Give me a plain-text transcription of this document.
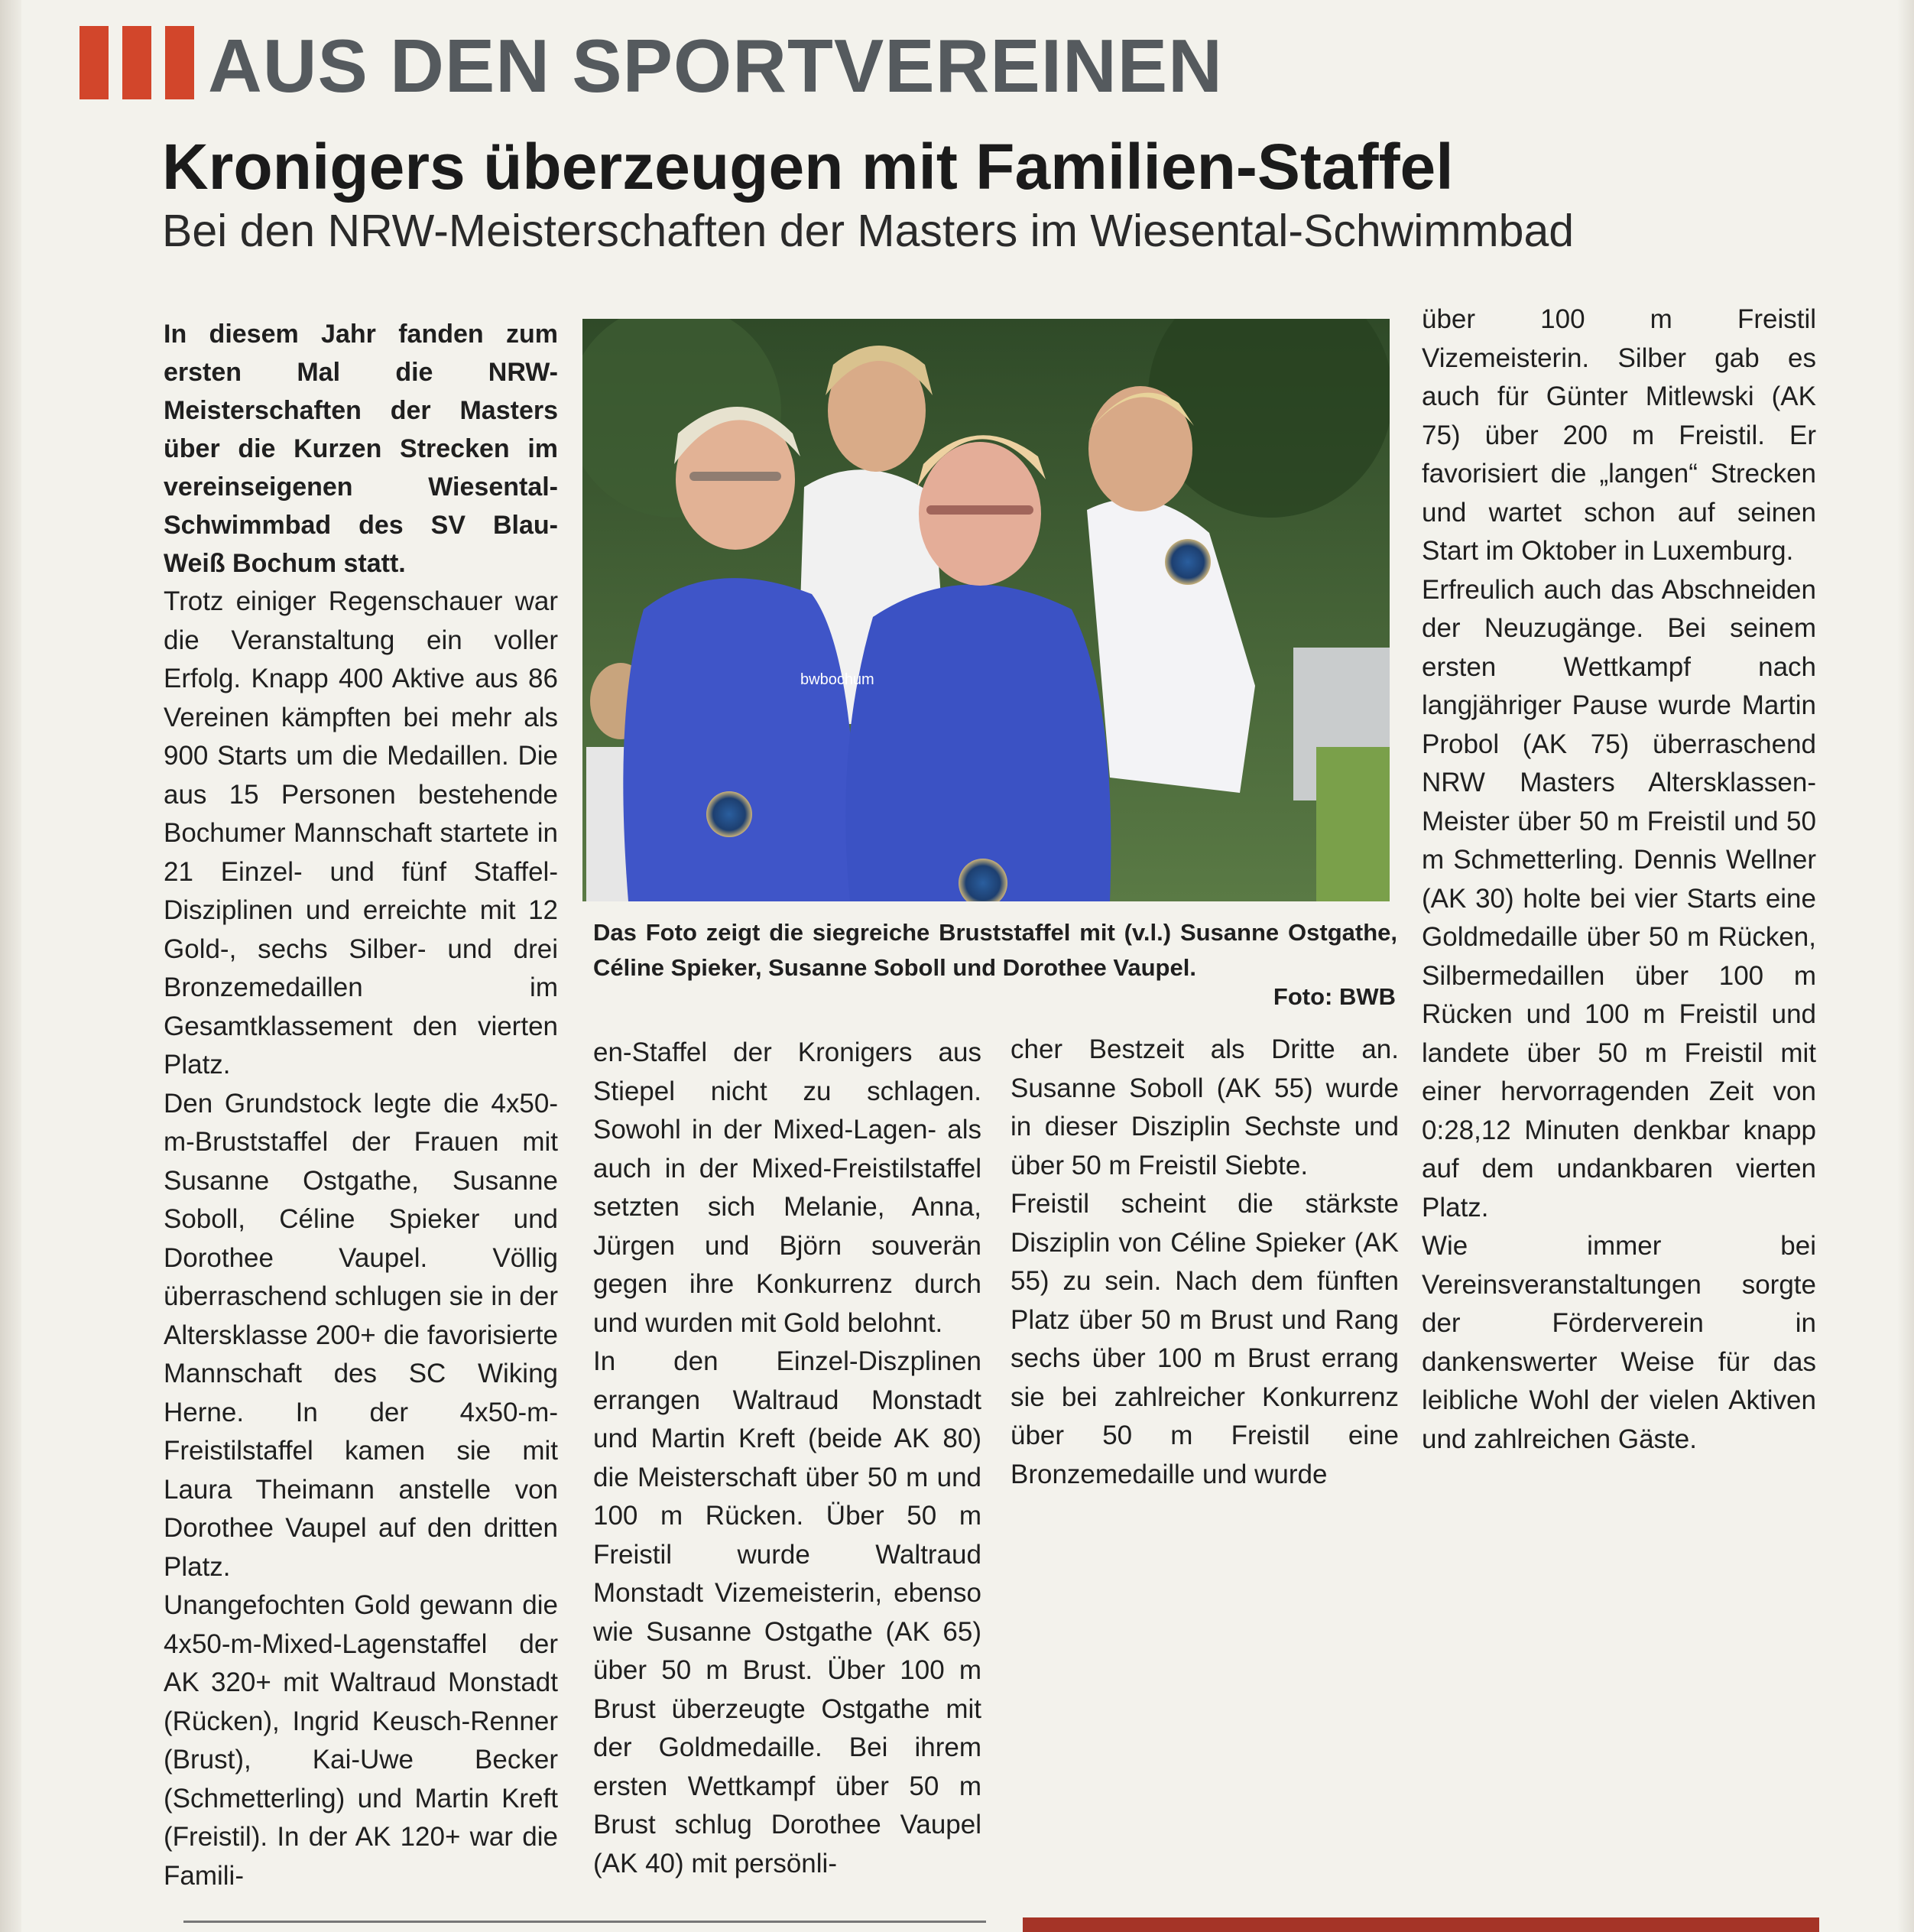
AUS DEN SPORTVEREINEN
Kronigers überzeugen mit Familien-Staffel
Bei den NRW-Meisterschaften der Masters im Wiesental-Schwimmbad

In diesem Jahr fanden zum ersten Mal die NRW-Meisterschaften der Masters über die Kurzen Strecken im vereinseigenen Wiesental-Schwimmbad des SV Blau-Weiß Bochum statt.

Trotz einiger Regenschauer war die Veranstaltung ein voller Erfolg. Knapp 400 Aktive aus 86 Vereinen kämpften bei mehr als 900 Starts um die Medaillen. Die aus 15 Personen bestehende Bochumer Mannschaft startete in 21 Einzel- und fünf Staffel-Disziplinen und erreichte mit 12 Gold-, sechs Silber- und drei Bronzemedaillen im Gesamtklassement den vierten Platz.

Den Grundstock legte die 4x50-m-Bruststaffel der Frauen mit Susanne Ostgathe, Susanne Soboll, Céline Spieker und Dorothee Vaupel. Völlig überraschend schlugen sie in der Altersklasse 200+ die favorisierte Mannschaft des SC Wiking Herne. In der 4x50-m-Freistilstaffel kamen sie mit Laura Theimann anstelle von Dorothee Vaupel auf den dritten Platz.

Unangefochten Gold gewann die 4x50-m-Mixed-Lagenstaffel der AK 320+ mit Waltraud Monstadt (Rücken), Ingrid Keusch-Renner (Brust), Kai-Uwe Becker (Schmetterling) und Martin Kreft (Freistil). In der AK 120+ war die Famili-

bwbochum
Das Foto zeigt die siegreiche Bruststaffel mit (v.l.) Susanne Ostgathe, Céline Spieker, Susanne Soboll und Dorothee Vaupel.
Foto: BWB

en-Staffel der Kronigers aus Stiepel nicht zu schlagen. Sowohl in der Mixed-Lagen- als auch in der Mixed-Freistilstaffel setzten sich Melanie, Anna, Jürgen und Björn souverän gegen ihre Konkurrenz durch und wurden mit Gold belohnt.

In den Einzel-Diszplinen errangen Waltraud Monstadt und Martin Kreft (beide AK 80) die Meisterschaft über 50 m und 100 m Rücken. Über 50 m Freistil wurde Waltraud Monstadt Vizemeisterin, ebenso wie Susanne Ostgathe (AK 65) über 50 m Brust. Über 100 m Brust überzeugte Ostgathe mit der Goldmedaille. Bei ihrem ersten Wettkampf über 50 m Brust schlug Dorothee Vaupel (AK 40) mit persönli-

cher Bestzeit als Dritte an. Susanne Soboll (AK 55) wurde in dieser Disziplin Sechste und über 50 m Freistil Siebte.

Freistil scheint die stärkste Disziplin von Céline Spieker (AK 55) zu sein. Nach dem fünften Platz über 50 m Brust und Rang sechs über 100 m Brust errang sie bei zahlreicher Konkurrenz über 50 m Freistil eine Bronzemedaille und wurde

über 100 m Freistil Vizemeisterin. Silber gab es auch für Günter Mitlewski (AK 75) über 200 m Freistil. Er favorisiert die „langen“ Strecken und wartet schon auf seinen Start im Oktober in Luxemburg.

Erfreulich auch das Abschneiden der Neuzugänge. Bei seinem ersten Wettkampf nach langjähriger Pause wurde Martin Probol (AK 75) überraschend NRW Masters Altersklassen-Meister über 50 m Freistil und 50 m Schmetterling. Dennis Wellner (AK 30) holte bei vier Starts eine Goldmedaille über 50 m Rücken, Silbermedaillen über 100 m Rücken und 100 m Freistil und landete über 50 m Freistil mit einer hervorragenden Zeit von 0:28,12 Minuten denkbar knapp auf dem undankbaren vierten Platz.

Wie immer bei Vereinsveranstaltungen sorgte der Förderverein in dankenswerter Weise für das leibliche Wohl der vielen Aktiven und zahlreichen Gäste.
